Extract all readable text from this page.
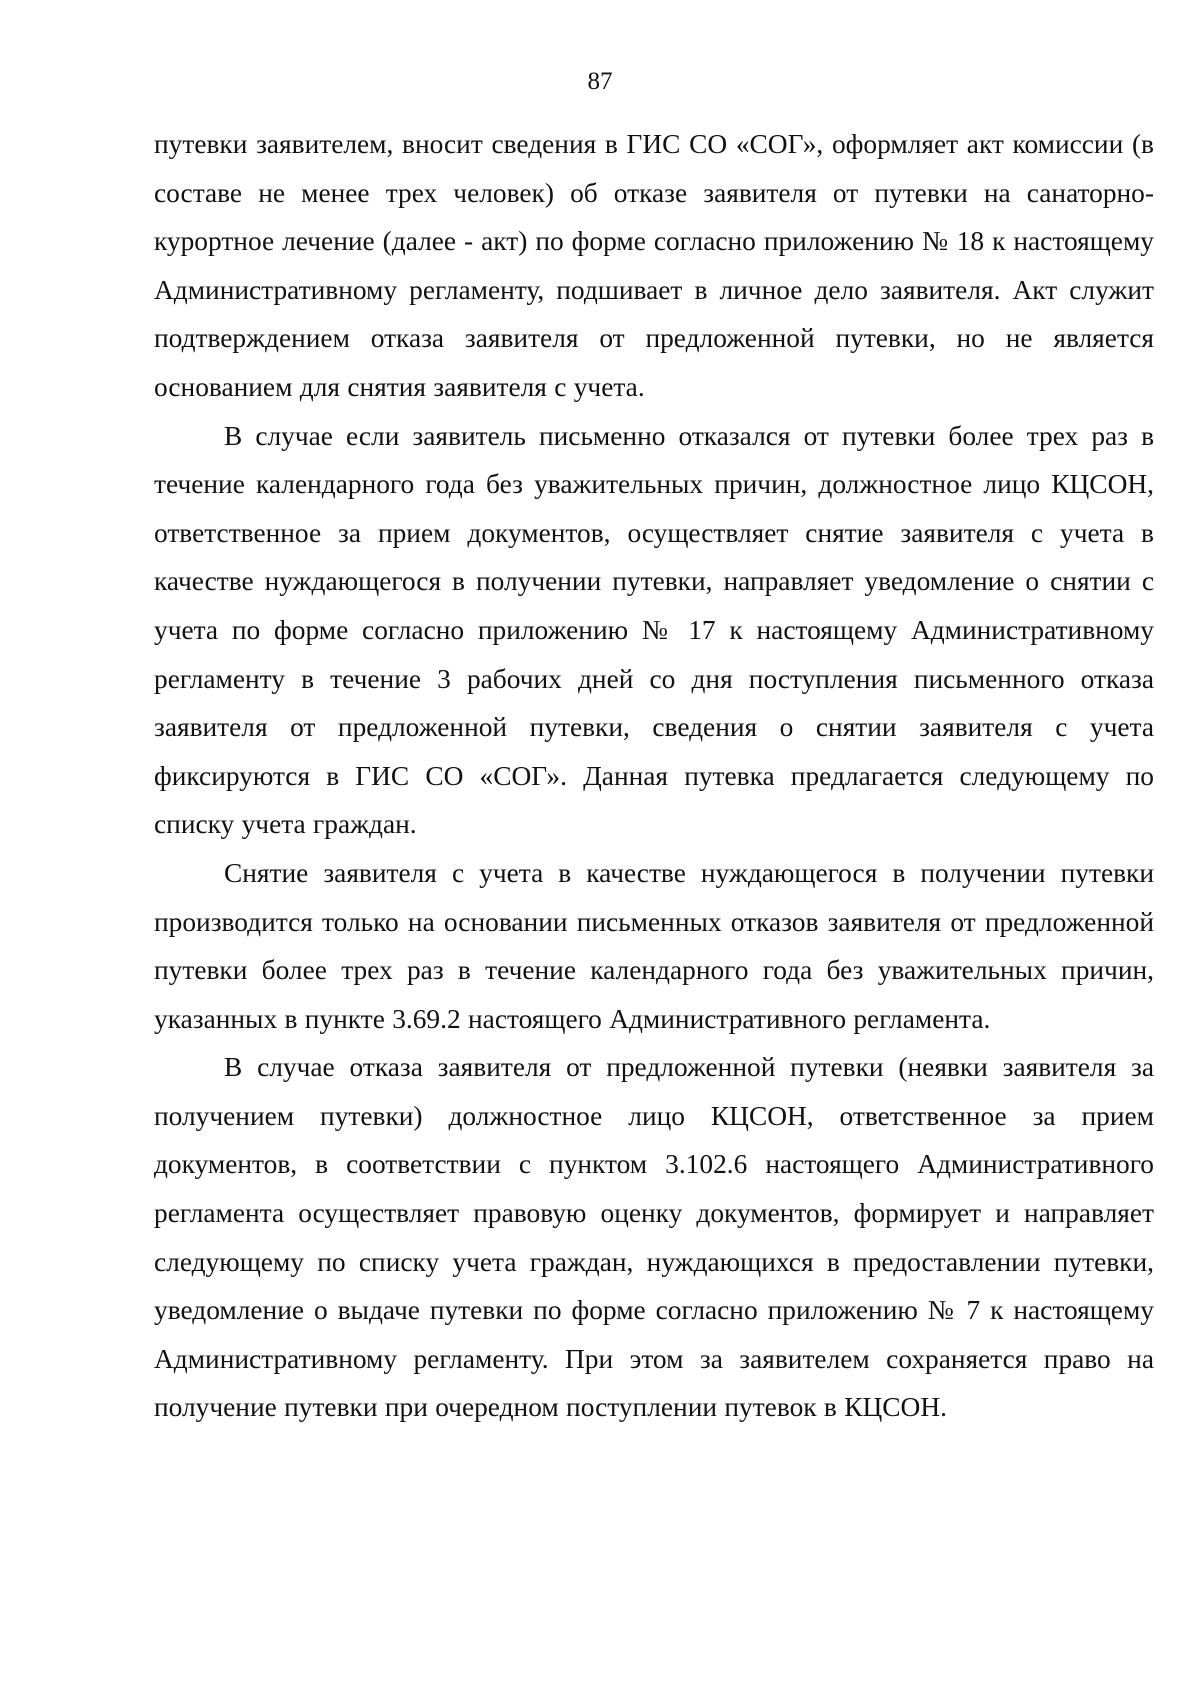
87

путевки заявителем, вносит сведения в ГИС СО «СОГ», оформляет акт комиссии (в составе не менее трех человек) об отказе заявителя от путевки на санаторно-курортное лечение (далее - акт) по форме согласно приложению № 18 к настоящему Административному регламенту, подшивает в личное дело заявителя. Акт служит подтверждением отказа заявителя от предложенной путевки, но не является основанием для снятия заявителя с учета.

В случае если заявитель письменно отказался от путевки более трех раз в течение календарного года без уважительных причин, должностное лицо КЦСОН, ответственное за прием документов, осуществляет снятие заявителя с учета в качестве нуждающегося в получении путевки, направляет уведомление о снятии с учета по форме согласно приложению № 17 к настоящему Административному регламенту в течение 3 рабочих дней со дня поступления письменного отказа заявителя от предложенной путевки, сведения о снятии заявителя с учета фиксируются в ГИС СО «СОГ». Данная путевка предлагается следующему по списку учета граждан.

Снятие заявителя с учета в качестве нуждающегося в получении путевки производится только на основании письменных отказов заявителя от предложенной путевки более трех раз в течение календарного года без уважительных причин, указанных в пункте 3.69.2 настоящего Административного регламента.

В случае отказа заявителя от предложенной путевки (неявки заявителя за получением путевки) должностное лицо КЦСОН, ответственное за прием документов, в соответствии с пунктом 3.102.6 настоящего Административного регламента осуществляет правовую оценку документов, формирует и направляет следующему по списку учета граждан, нуждающихся в предоставлении путевки, уведомление о выдаче путевки по форме согласно приложению № 7 к настоящему Административному регламенту. При этом за заявителем сохраняется право на получение путевки при очередном поступлении путевок в КЦСОН.
